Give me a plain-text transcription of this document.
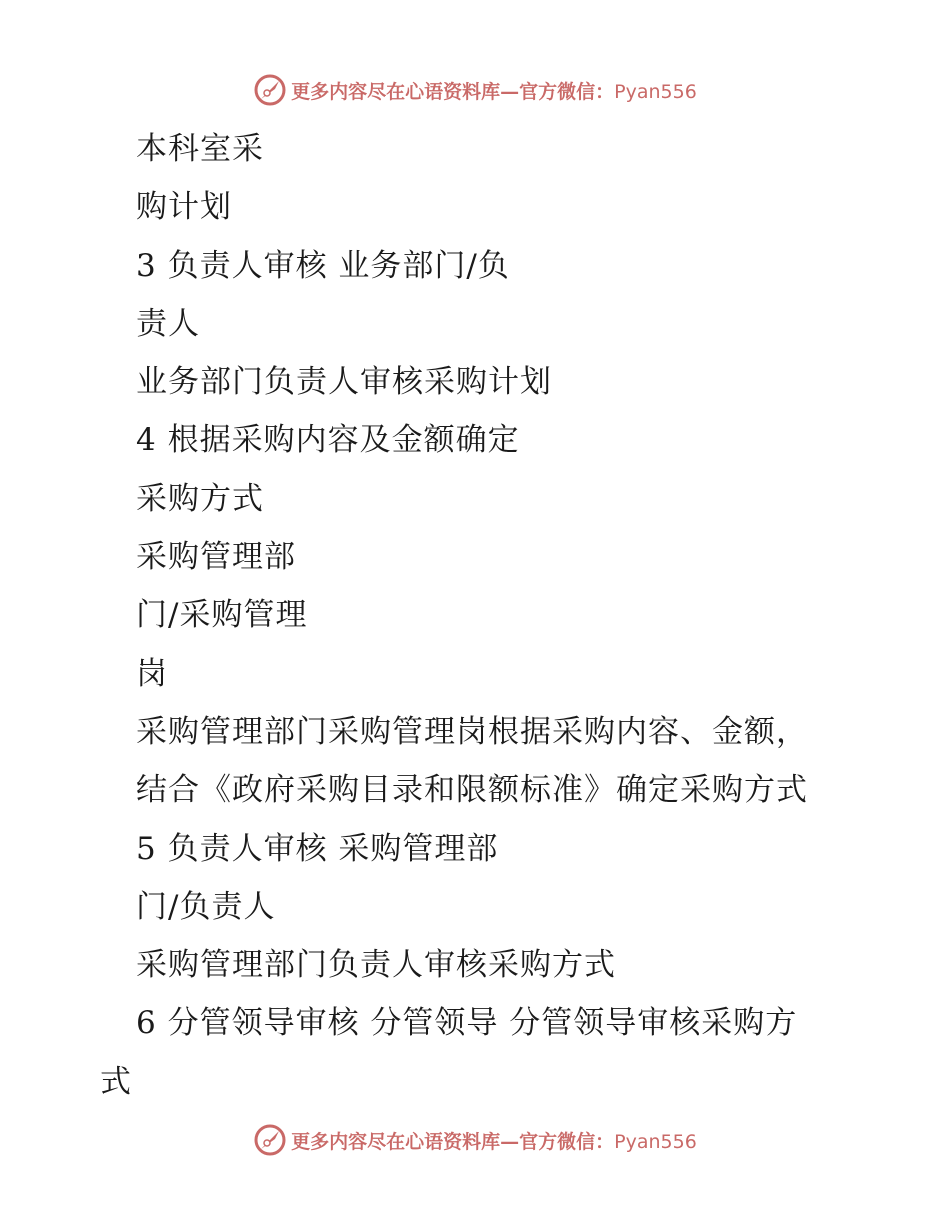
更多内容尽在心语资料库—官方微信：Pyan556
本科室采
购计划
3 负责人审核 业务部门/负
责人
业务部门负责人审核采购计划
4 根据采购内容及金额确定
采购方式
采购管理部
门/采购管理
岗
采购管理部门采购管理岗根据采购内容、金额，
结合《政府采购目录和限额标准》确定采购方式
5 负责人审核 采购管理部
门/负责人
采购管理部门负责人审核采购方式
6 分管领导审核 分管领导 分管领导审核采购方
式
更多内容尽在心语资料库—官方微信：Pyan556
